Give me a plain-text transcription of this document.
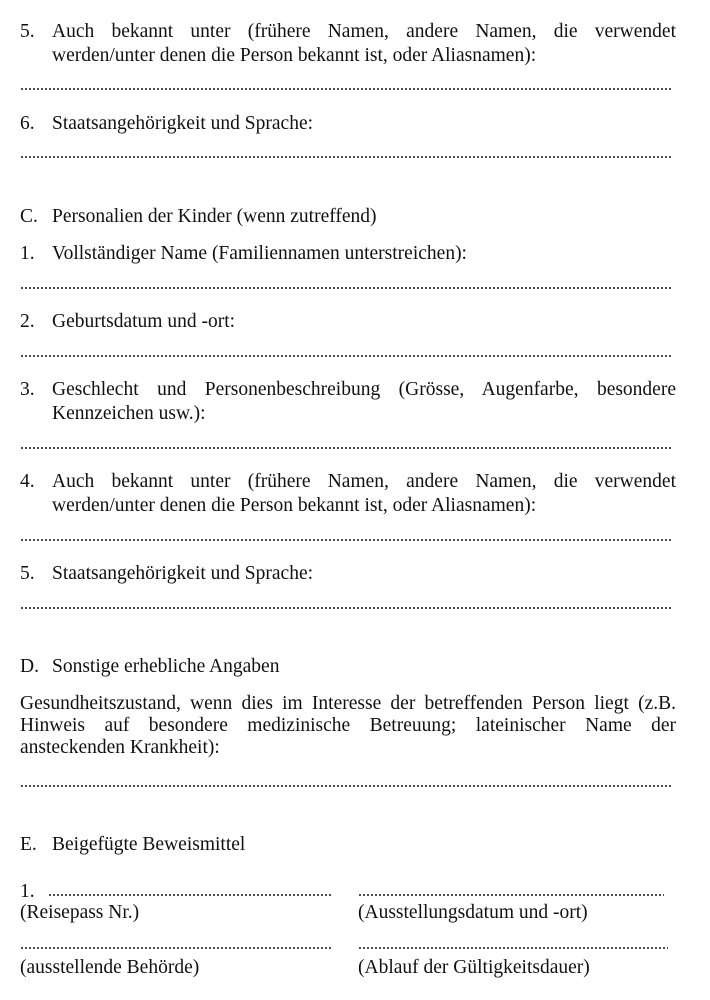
5. Auch bekannt unter (frühere Namen, andere Namen, die verwendet werden/unter denen die Person bekannt ist, oder Aliasnamen):
6. Staatsangehörigkeit und Sprache:
C. Personalien der Kinder (wenn zutreffend)
1. Vollständiger Name (Familiennamen unterstreichen):
2. Geburtsdatum und -ort:
3. Geschlecht und Personenbeschreibung (Grösse, Augenfarbe, besondere Kennzeichen usw.):
4. Auch bekannt unter (frühere Namen, andere Namen, die verwendet werden/unter denen die Person bekannt ist, oder Aliasnamen):
5. Staatsangehörigkeit und Sprache:
D. Sonstige erhebliche Angaben
Gesundheitszustand, wenn dies im Interesse der betreffenden Person liegt (z.B. Hinweis auf besondere medizinische Betreuung; lateinischer Name der ansteckenden Krankheit):
E. Beigefügte Beweismittel
1.
(Reisepass Nr.)	(Ausstellungsdatum und -ort)
(ausstellende Behörde)	(Ablauf der Gültigkeitsdauer)
